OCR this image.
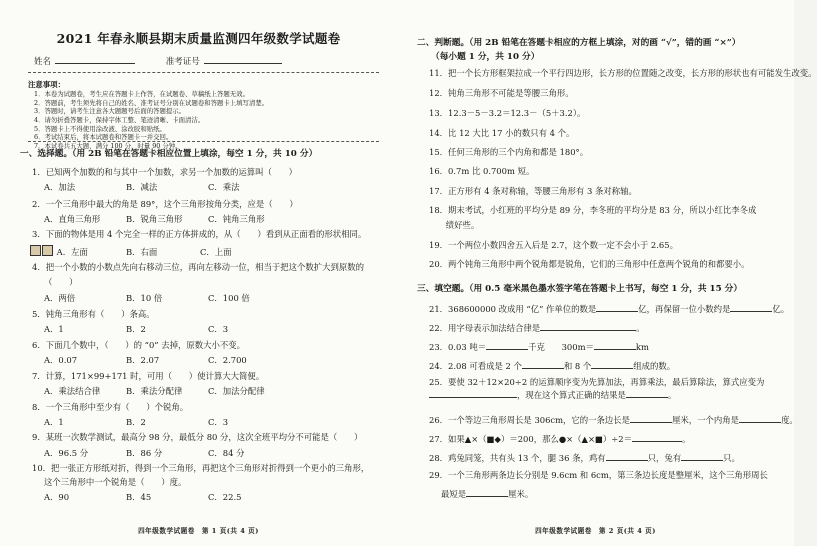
2021 年春永顺县期末质量监测四年级数学试题卷
姓名	准考证号
注意事项：
1．本卷为试题卷，考生应在答题卡上作答，在试题卷、草稿纸上答题无效。
2．答题前，考生须先将自己的姓名、准考证号分别在试题卷和答题卡上填写清楚。
3．答题时，请考生注意各大题题号后面的答题提示。
4．请勿折叠答题卡，保持字体工整、笔迹清晰、卡面清洁。
5．答题卡上不得使用涂改液、涂改胶和贴纸。
6．考试结束后，将本试题卷和答题卡一并交回。
7．本试卷共五大题，满分 100 分，时量 90 分钟。
一、选择题。（用 2B 铅笔在答题卡相应位置上填涂，每空 1 分，共 10 分）
1．已知两个加数的和与其中一个加数，求另一个加数的运算叫（　　）
A．加法	B．减法	C．乘法
2．一个三角形中最大的角是 89°，这个三角形按角分类，应是（　　）
A．直角三角形	B．锐角三角形	C．钝角三角形
3．下面的物体是用 4 个完全一样的正方体拼成的，从（　　）看到从正面看的形状相同。
A．左面	B．右面	C．上面
4．把一个小数的小数点先向右移动三位，再向左移动一位，相当于把这个数扩大到原数的
（　　）
A．两倍	B．10 倍	C．100 倍
5．钝角三角形有（　　）条高。
A．1	B．2	C．3
6．下面几个数中，（　　）的 “0” 去掉，原数大小不变。
A．0.07	B．2.07	C．2.700
7．计算，171×99+171 时，可用（　　）使计算大大简便。
A．乘法结合律	B．乘法分配律	C．加法分配律
8．一个三角形中至少有（　　）个锐角。
A．1	B．2	C．3
9．某班一次数学测试，最高分 98 分，最低分 80 分，这次全班平均分不可能是（　　）
A．96.5 分	B．86 分	C．84 分
10．把一张正方形纸对折，得到一个三角形，再把这个三角形对折得到一个更小的三角形，
这个三角形中一个锐角是（　　）度。
A．90	B．45	C．22.5
四年级数学试题卷　第 1 页(共 4 页)
二、判断题。（用 2B 铅笔在答题卡相应的方框上填涂，对的画 “√”，错的画 “×”）
（每小题 1 分，共 10 分）
11．把一个长方形框架拉成一个平行四边形，长方形的位置随之改变，长方形的形状也有可能发生改变。
12．钝角三角形不可能是等腰三角形。
13．12.3－5－3.2＝12.3－（5＋3.2）。
14．比 12 大比 17 小的数只有 4 个。
15．任何三角形的三个内角和都是 180°。
16．0.7m 比 0.700m 短。
17．正方形有 4 条对称轴，等腰三角形有 3 条对称轴。
18．期末考试，小红班的平均分是 89 分，李冬班的平均分是 83 分，所以小红比李冬成
　　绩好些。
19．一个两位小数四舍五入后是 2.7，这个数一定不会小于 2.65。
20．两个钝角三角形中两个锐角都是锐角，它们的三角形中任意两个锐角的和都要小。
三、填空题。（用 0.5 毫米黑色墨水签字笔在答题卡上书写，每空 1 分，共 15 分）
21．368600000 改成用 “亿” 作单位的数是	亿，再保留一位小数约是	亿。
22．用字母表示加法结合律是	。
23．0.03 吨＝	千克　　300m＝	km
24．2.08 可看成是 2 个	和 8 个	组成的数。
25．要使 32＋12×20÷2 的运算顺序变为先算加法，再算乘法，最后算除法，算式应变为，现在这个算式正确的结果是	。
26．一个等边三角形周长是 306cm，它的一条边长是	厘米，一个内角是	度。
27．如果▲×（■◆）＝200，那么●×（▲×■）÷2＝	。
28．鸡兔同笼，共有头 13 个，腿 36 条，鸡有	只，兔有	只。
29．一个三角形两条边长分别是 9.6cm 和 6cm，第三条边长度是整厘米，这个三角形周长
最短是	厘米。
四年级数学试题卷　第 2 页(共 4 页)
